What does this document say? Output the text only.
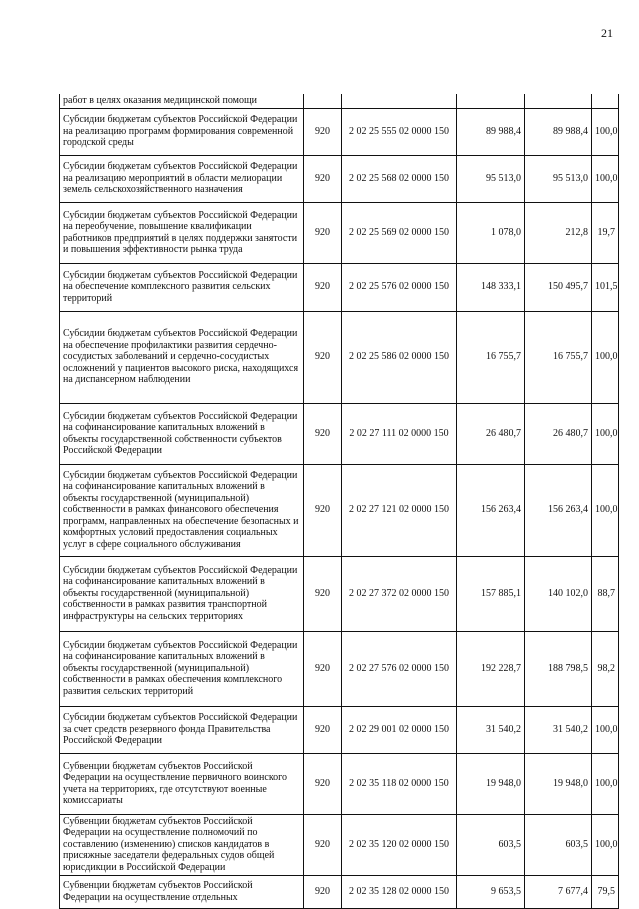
21
работ в целях оказания медицинской помощи					
Субсидии бюджетам субъектов Российской Федерации на реализацию программ формирования современной городской среды	920	2 02 25 555 02 0000 150	89 988,4	89 988,4	100,0
Субсидии бюджетам субъектов Российской Федерации на реализацию мероприятий в области мелиорации земель сельскохозяйственного назначения	920	2 02 25 568 02 0000 150	95 513,0	95 513,0	100,0
Субсидии бюджетам субъектов Российской Федерации на переобучение, повышение квалификации работников предприятий в целях поддержки занятости и повышения эффективности рынка труда	920	2 02 25 569 02 0000 150	1 078,0	212,8	19,7
Субсидии бюджетам субъектов Российской Федерации на обеспечение комплексного развития сельских территорий	920	2 02 25 576 02 0000 150	148 333,1	150 495,7	101,5
Субсидии бюджетам субъектов Российской Федерации на обеспечение профилактики развития сердечно-сосудистых заболеваний и сердечно-сосудистых осложнений у пациентов высокого риска, находящихся на диспансерном наблюдении	920	2 02 25 586 02 0000 150	16 755,7	16 755,7	100,0
Субсидии бюджетам субъектов Российской Федерации на софинансирование капитальных вложений в объекты государственной собственности субъектов Российской Федерации	920	2 02 27 111 02 0000 150	26 480,7	26 480,7	100,0
Субсидии бюджетам субъектов Российской Федерации на софинансирование капитальных вложений в объекты государственной (муниципальной) собственности в рамках финансового обеспечения программ, направленных на обеспечение безопасных и комфортных условий предоставления социальных услуг в сфере социального обслуживания	920	2 02 27 121 02 0000 150	156 263,4	156 263,4	100,0
Субсидии бюджетам субъектов Российской Федерации на софинансирование капитальных вложений в объекты государственной (муниципальной) собственности в рамках развития транспортной инфраструктуры на сельских территориях	920	2 02 27 372 02 0000 150	157 885,1	140 102,0	88,7
Субсидии бюджетам субъектов Российской Федерации на софинансирование капитальных вложений в объекты государственной (муниципальной) собственности в рамках обеспечения комплексного развития сельских территорий	920	2 02 27 576 02 0000 150	192 228,7	188 798,5	98,2
Субсидии бюджетам субъектов Российской Федерации за счет средств резервного фонда Правительства Российской Федерации	920	2 02 29 001 02 0000 150	31 540,2	31 540,2	100,0
Субвенции бюджетам субъектов Российской Федерации на осуществление первичного воинского учета на территориях, где отсутствуют военные комиссариаты	920	2 02 35 118 02 0000 150	19 948,0	19 948,0	100,0
Субвенции бюджетам субъектов Российской Федерации на осуществление полномочий по составлению (изменению) списков кандидатов в присяжные заседатели федеральных судов общей юрисдикции в Российской Федерации	920	2 02 35 120 02 0000 150	603,5	603,5	100,0
Субвенции бюджетам субъектов Российской Федерации на осуществление отдельных	920	2 02 35 128 02 0000 150	9 653,5	7 677,4	79,5
